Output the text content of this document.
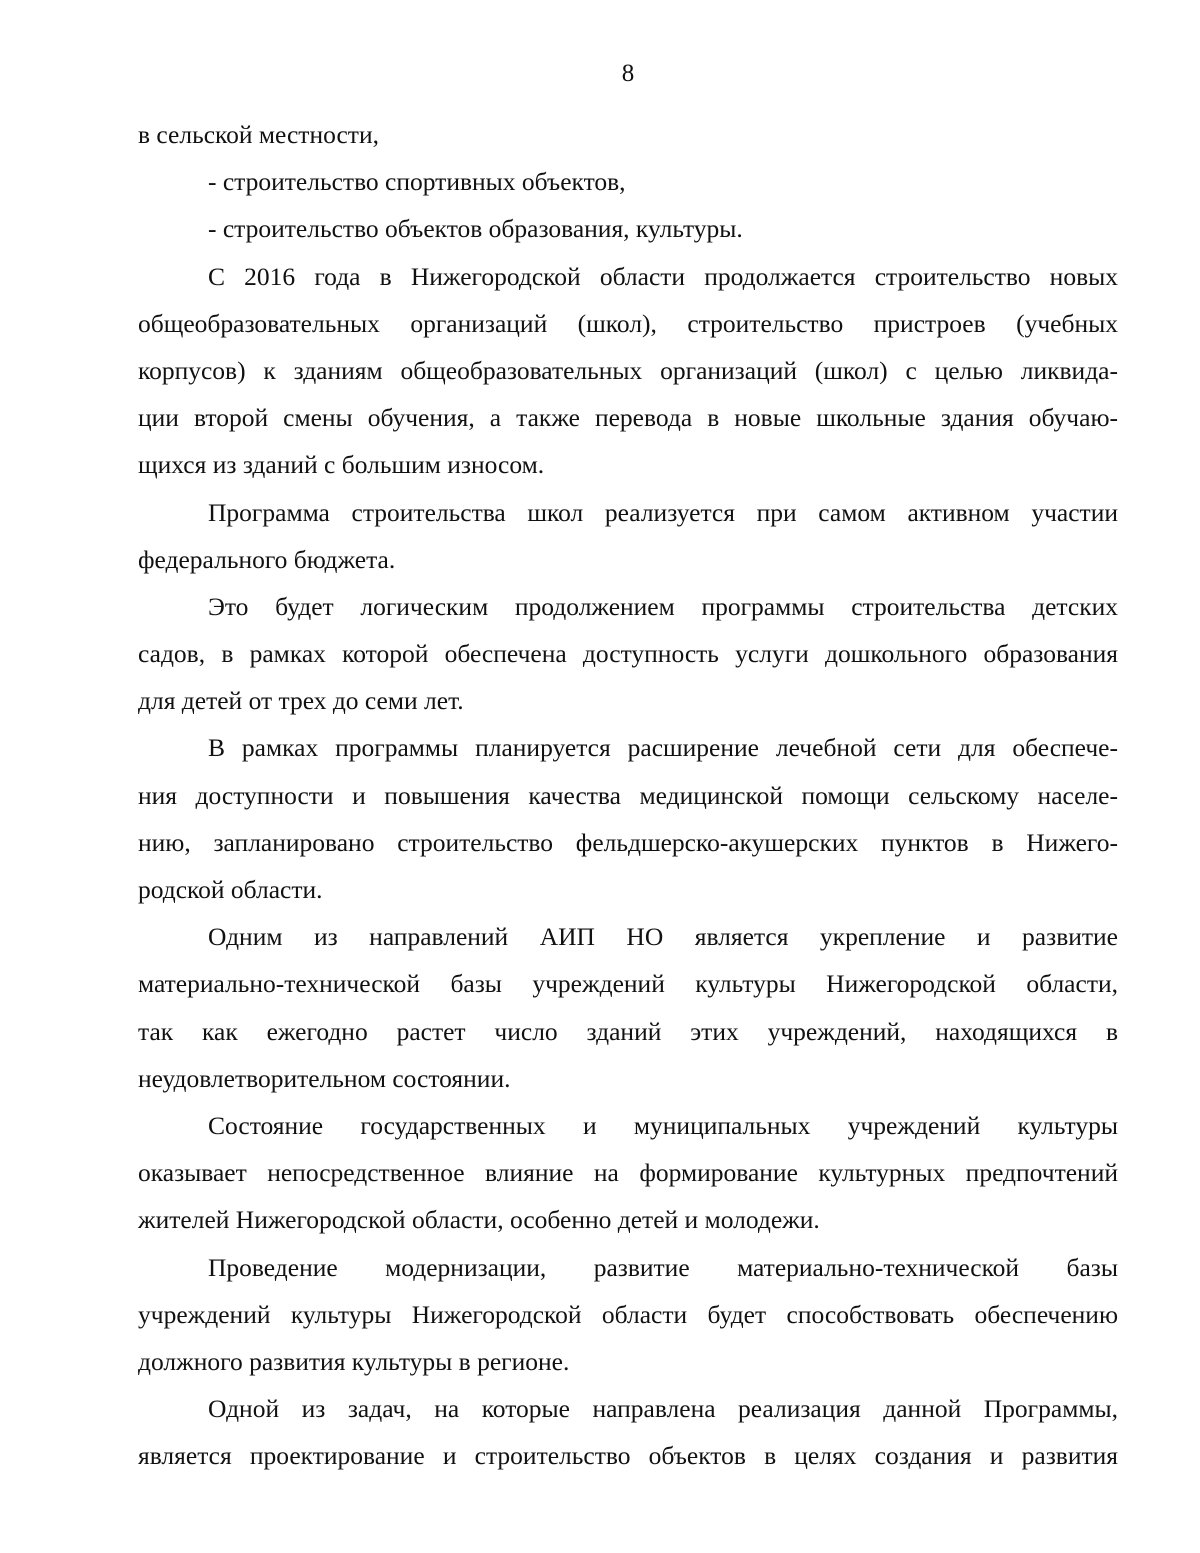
8
в сельской местности,
- строительство спортивных объектов,
- строительство объектов образования, культуры.
С 2016 года в Нижегородской области продолжается строительство новых
общеобразовательных организаций (школ), строительство пристроев (учебных
корпусов) к зданиям общеобразовательных организаций (школ) с целью ликвида-
ции второй смены обучения, а также перевода в новые школьные здания обучаю-
щихся из зданий с большим износом.
Программа строительства школ реализуется при самом активном участии
федерального бюджета.
Это будет логическим продолжением программы строительства детских
садов, в рамках которой обеспечена доступность услуги дошкольного образования
для детей от трех до семи лет.
В рамках программы планируется расширение лечебной сети для обеспече-
ния доступности и повышения качества медицинской помощи сельскому населе-
нию, запланировано строительство фельдшерско-акушерских пунктов в Нижего-
родской области.
Одним из направлений АИП НО является укрепление и развитие
материально-технической базы учреждений культуры Нижегородской области,
так как ежегодно растет число зданий этих учреждений, находящихся в
неудовлетворительном состоянии.
Состояние государственных и муниципальных учреждений культуры
оказывает непосредственное влияние на формирование культурных предпочтений
жителей Нижегородской области, особенно детей и молодежи.
Проведение модернизации, развитие материально-технической базы
учреждений культуры Нижегородской области будет способствовать обеспечению
должного развития культуры в регионе.
Одной из задач, на которые направлена реализация данной Программы,
является проектирование и строительство объектов в целях создания и развития
